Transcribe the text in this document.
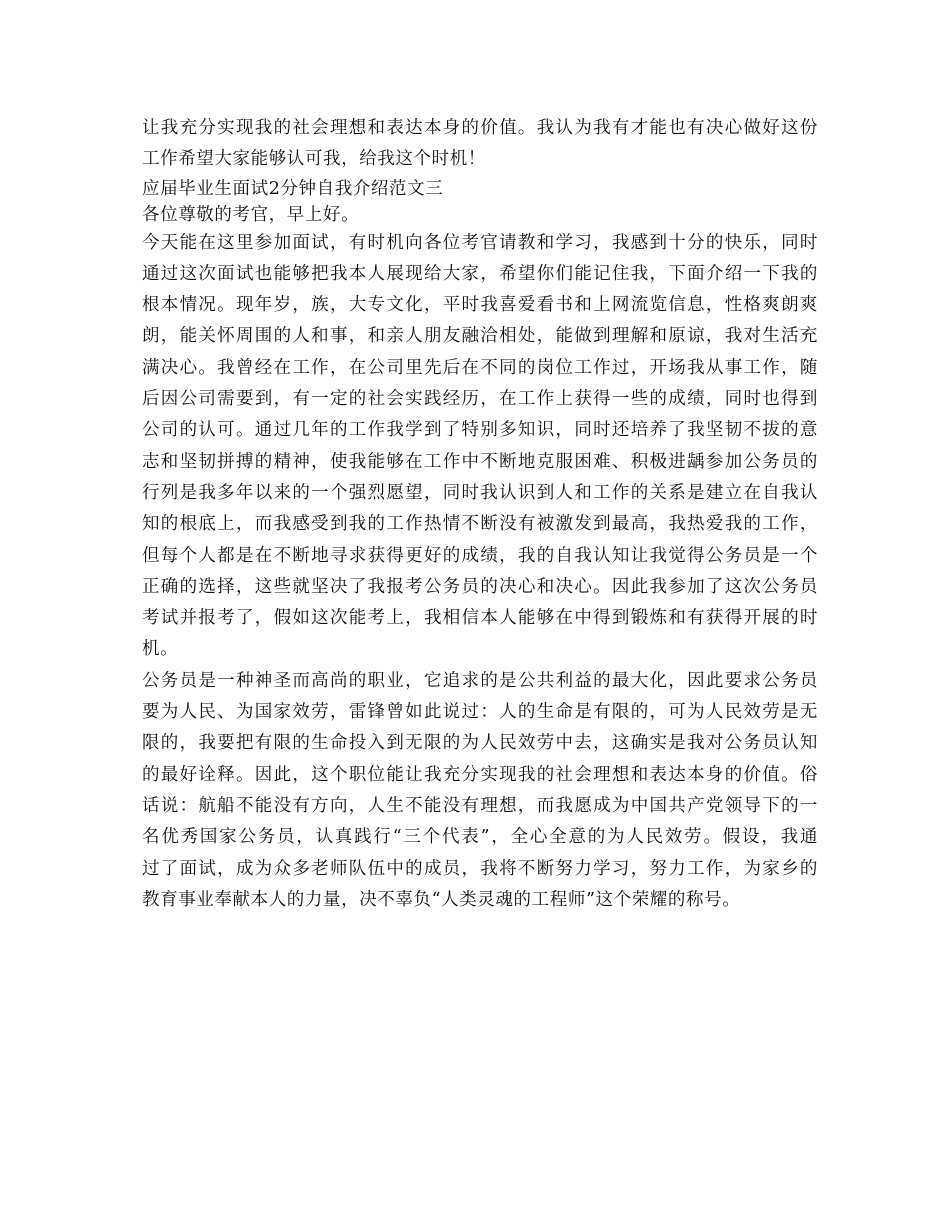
让我充分实现我的社会理想和表达本身的价值。我认为我有才能也有决心做好这份
工作希望大家能够认可我，给我这个时机！

应届毕业生面试2分钟自我介绍范文三

各位尊敬的考官，早上好。

今天能在这里参加面试，有时机向各位考官请教和学习，我感到十分的快乐，同时
通过这次面试也能够把我本人展现给大家，希望你们能记住我，下面介绍一下我的
根本情况。现年岁，族，大专文化，平时我喜爱看书和上网流览信息，性格爽朗爽
朗，能关怀周围的人和事，和亲人朋友融洽相处，能做到理解和原谅，我对生活充
满决心。我曾经在工作，在公司里先后在不同的岗位工作过，开场我从事工作，随
后因公司需要到，有一定的社会实践经历，在工作上获得一些的成绩，同时也得到
公司的认可。通过几年的工作我学到了特别多知识，同时还培养了我坚韧不拔的意
志和坚韧拼搏的精神，使我能够在工作中不断地克服困难、积极进龋参加公务员的
行列是我多年以来的一个强烈愿望，同时我认识到人和工作的关系是建立在自我认
知的根底上，而我感受到我的工作热情不断没有被激发到最高，我热爱我的工作，
但每个人都是在不断地寻求获得更好的成绩，我的自我认知让我觉得公务员是一个
正确的选择，这些就坚决了我报考公务员的决心和决心。因此我参加了这次公务员
考试并报考了，假如这次能考上，我相信本人能够在中得到锻炼和有获得开展的时
机。

公务员是一种神圣而高尚的职业，它追求的是公共利益的最大化，因此要求公务员
要为人民、为国家效劳，雷锋曾如此说过：人的生命是有限的，可为人民效劳是无
限的，我要把有限的生命投入到无限的为人民效劳中去，这确实是我对公务员认知
的最好诠释。因此，这个职位能让我充分实现我的社会理想和表达本身的价值。俗
话说：航船不能没有方向，人生不能没有理想，而我愿成为中国共产党领导下的一
名优秀国家公务员，认真践行“三个代表”，全心全意的为人民效劳。假设，我通
过了面试，成为众多老师队伍中的成员，我将不断努力学习，努力工作，为家乡的
教育事业奉献本人的力量，决不辜负“人类灵魂的工程师”这个荣耀的称号。
